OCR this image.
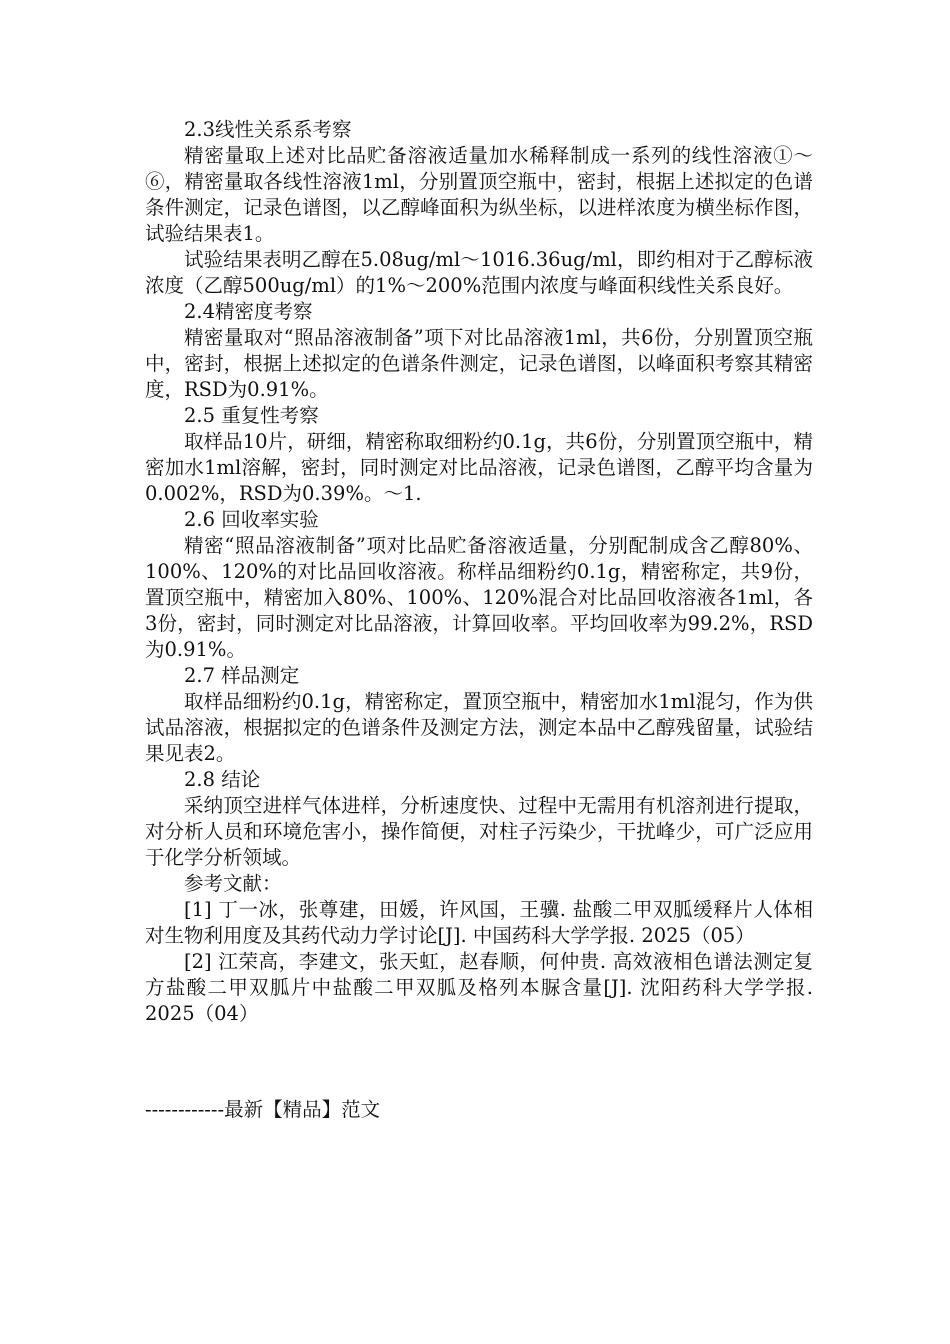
2.3线性关系系考察

精密量取上述对比品贮备溶液适量加水稀释制成一系列的线性溶液①～⑥，精密量取各线性溶液1ml，分别置顶空瓶中，密封，根据上述拟定的色谱条件测定，记录色谱图，以乙醇峰面积为纵坐标，以进样浓度为横坐标作图，试验结果表1。

试验结果表明乙醇在5.08ug/ml～1016.36ug/ml，即约相对于乙醇标液浓度（乙醇500ug/ml）的1%～200%范围内浓度与峰面积线性关系良好。

2.4精密度考察

精密量取对“照品溶液制备”项下对比品溶液1ml，共6份，分别置顶空瓶中，密封，根据上述拟定的色谱条件测定，记录色谱图，以峰面积考察其精密度，RSD为0.91%。

2.5 重复性考察

取样品10片，研细，精密称取细粉约0.1g，共6份，分别置顶空瓶中，精密加水1ml溶解，密封，同时测定对比品溶液，记录色谱图，乙醇平均含量为0.002%，RSD为0.39%。～1.

2.6 回收率实验

精密“照品溶液制备”项对比品贮备溶液适量，分别配制成含乙醇80%、100%、120%的对比品回收溶液。称样品细粉约0.1g，精密称定，共9份，置顶空瓶中，精密加入80%、100%、120%混合对比品回收溶液各1ml，各3份，密封，同时测定对比品溶液，计算回收率。平均回收率为99.2%，RSD为0.91%。

2.7 样品测定

取样品细粉约0.1g，精密称定，置顶空瓶中，精密加水1ml混匀，作为供试品溶液，根据拟定的色谱条件及测定方法，测定本品中乙醇残留量，试验结果见表2。

2.8 结论

采纳顶空进样气体进样，分析速度快、过程中无需用有机溶剂进行提取，对分析人员和环境危害小，操作简便，对柱子污染少，干扰峰少，可广泛应用于化学分析领域。

参考文献：

[1] 丁一冰，张尊建，田媛，许风国，王骥. 盐酸二甲双胍缓释片人体相对生物利用度及其药代动力学讨论[J]. 中国药科大学学报. 2025（05）

[2] 江荣高，李建文，张天虹，赵春顺，何仲贵. 高效液相色谱法测定复方盐酸二甲双胍片中盐酸二甲双胍及格列本脲含量[J]. 沈阳药科大学学报. 2025（04）

------------最新【精品】范文
